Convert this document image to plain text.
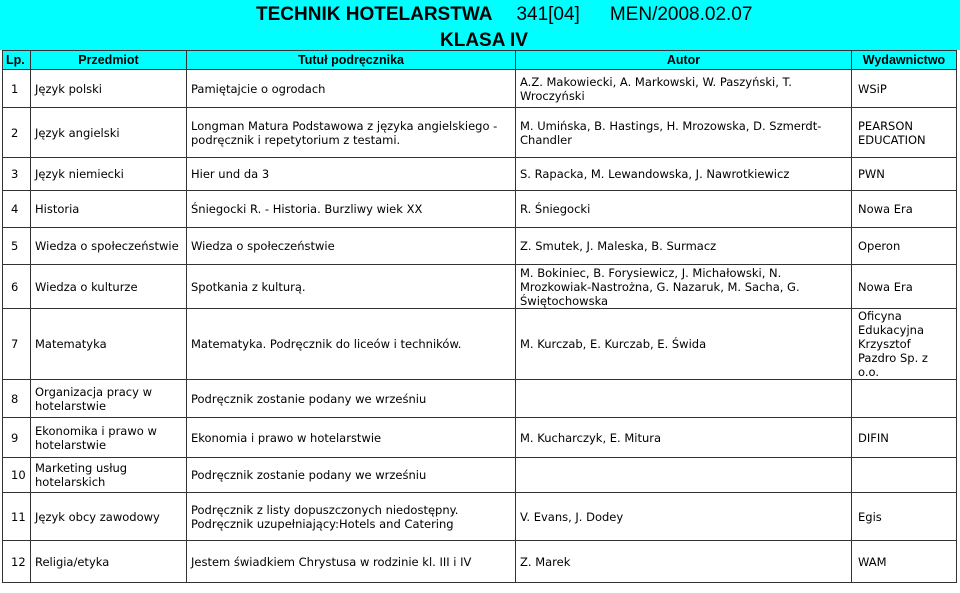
TECHNIK HOTELARSTWA 341[04] MEN/2008.02.07
KLASA IV
Lp.	Przedmiot	Tutuł podręcznika	Autor	Wydawnictwo
1	Język polski	Pamiętajcie o ogrodach	A.Z. Makowiecki, A. Markowski, W. Paszyński, T. Wroczyński	WSiP
2	Język angielski	Longman Matura Podstawowa z języka angielskiego - podręcznik i repetytorium z testami.	M. Umińska, B. Hastings, H. Mrozowska, D. Szmerdt-Chandler	PEARSON EDUCATION
3	Język niemiecki	Hier und da 3	S. Rapacka, M. Lewandowska, J. Nawrotkiewicz	PWN
4	Historia	Śniegocki R. - Historia. Burzliwy wiek XX	R. Śniegocki	Nowa Era
5	Wiedza o społeczeństwie	Wiedza o społeczeństwie	Z. Smutek, J. Maleska, B. Surmacz	Operon
6	Wiedza o kulturze	Spotkania z kulturą.	M. Bokiniec, B. Forysiewicz, J. Michałowski, N. Mrozkowiak-Nastrożna, G. Nazaruk, M. Sacha, G. Świętochowska	Nowa Era
7	Matematyka	Matematyka. Podręcznik do liceów i techników.	M. Kurczab, E. Kurczab, E. Świda	Oficyna Edukacyjna Krzysztof Pazdro Sp. z o.o.
8	Organizacja pracy w hotelarstwie	Podręcznik zostanie podany we wrześniu		
9	Ekonomika i prawo w hotelarstwie	Ekonomia i prawo w hotelarstwie	M. Kucharczyk, E. Mitura	DIFIN
10	Marketing usług hotelarskich	Podręcznik zostanie podany we wrześniu		
11	Język obcy zawodowy	Podręcznik z listy dopuszczonych niedostępny. Podręcznik uzupełniający:Hotels and Catering	V. Evans, J. Dodey	Egis
12	Religia/etyka	Jestem świadkiem Chrystusa w rodzinie kl. III i IV	Z. Marek	WAM
